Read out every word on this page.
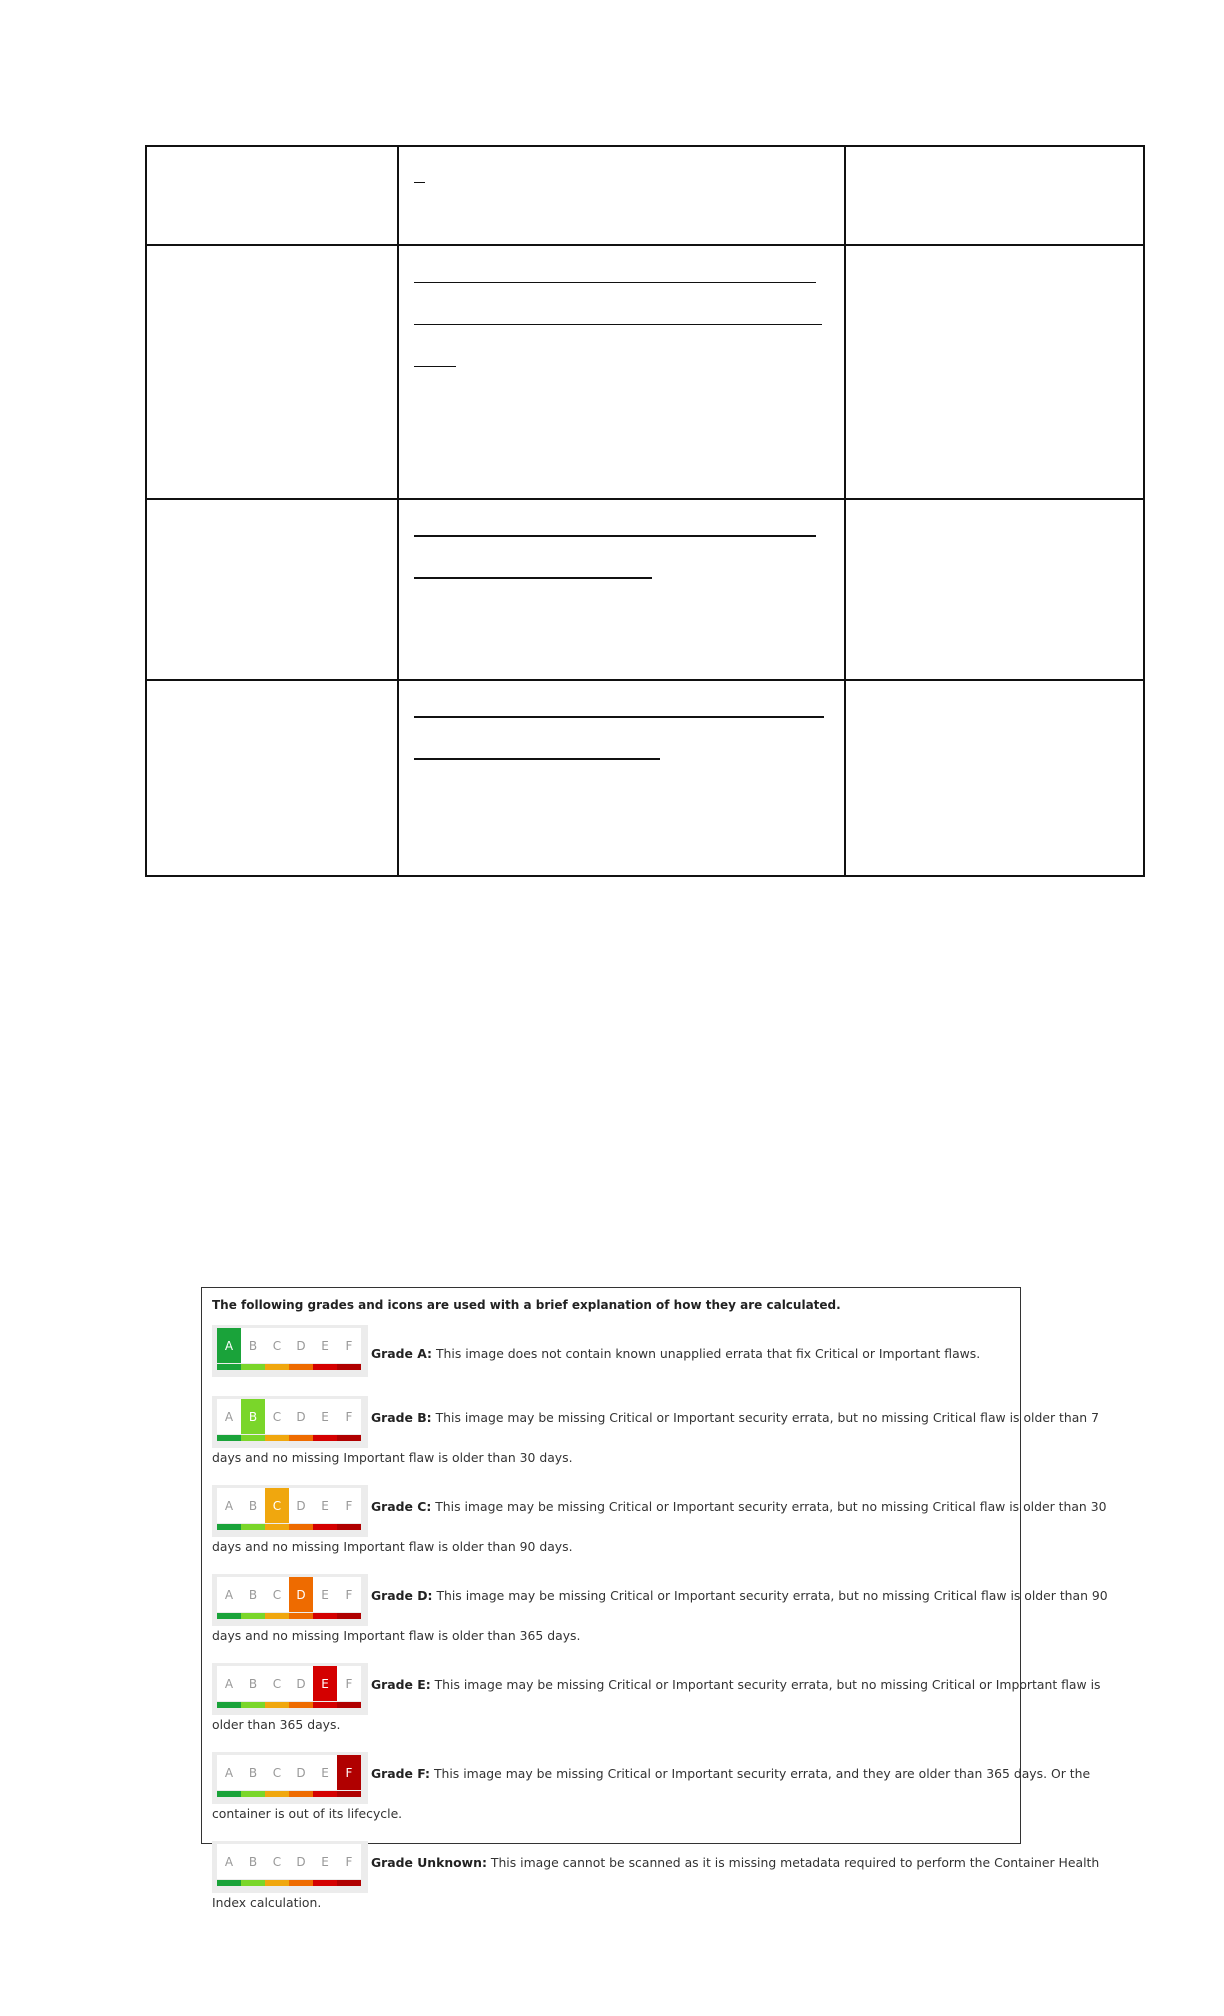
The following grades and icons are used with a brief explanation of how they are calculated.
A	B	C	D	E	F
Grade A: This image does not contain known unapplied errata that fix Critical or Important flaws.
A	B	C	D	E	F	Grade B: This image may be missing Critical or Important security errata, but no missing Critical flaw is older than 7
days and no missing Important flaw is older than 30 days.
A	B	C	D	E	F	Grade C: This image may be missing Critical or Important security errata, but no missing Critical flaw is older than 30
days and no missing Important flaw is older than 90 days.
A	B	C	D	E	F	Grade D: This image may be missing Critical or Important security errata, but no missing Critical flaw is older than 90
days and no missing Important flaw is older than 365 days.
A	B	C	D	E	F	Grade E: This image may be missing Critical or Important security errata, but no missing Critical or Important flaw is
older than 365 days.
A	B	C	D	E	F	Grade F: This image may be missing Critical or Important security errata, and they are older than 365 days. Or the
container is out of its lifecycle.
A	B	C	D	E	F	Grade Unknown: This image cannot be scanned as it is missing metadata required to perform the Container Health
Index calculation.
